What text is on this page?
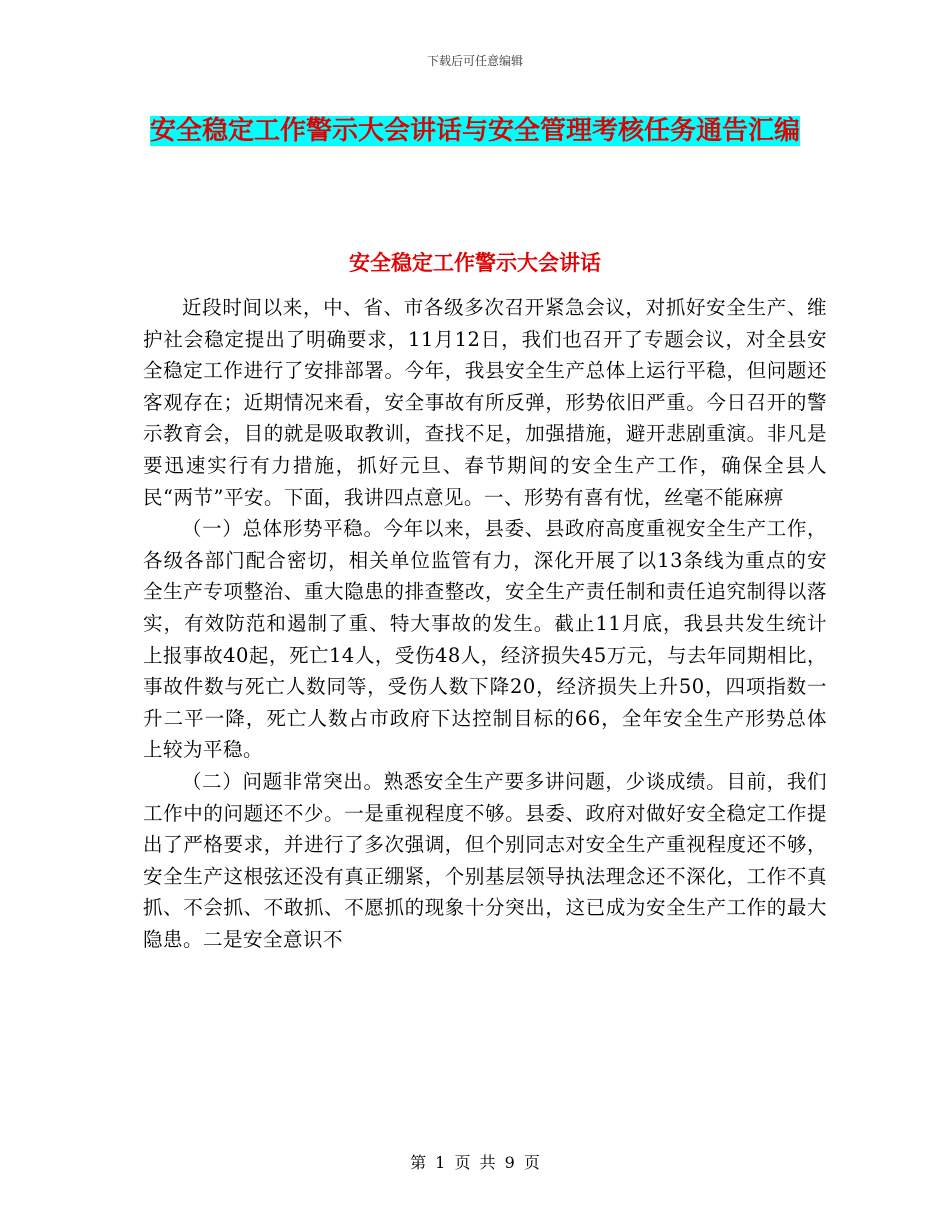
下载后可任意编辑
安全稳定工作警示大会讲话与安全管理考核任务通告汇编
安全稳定工作警示大会讲话

近段时间以来，中、省、市各级多次召开紧急会议，对抓好安全生产、维护社会稳定提出了明确要求，11月12日，我们也召开了专题会议，对全县安全稳定工作进行了安排部署。今年，我县安全生产总体上运行平稳，但问题还客观存在；近期情况来看，安全事故有所反弹，形势依旧严重。今日召开的警示教育会，目的就是吸取教训，查找不足，加强措施，避开悲剧重演。非凡是要迅速实行有力措施，抓好元旦、春节期间的安全生产工作，确保全县人民“两节”平安。下面，我讲四点意见。一、形势有喜有忧，丝毫不能麻痹

（一）总体形势平稳。今年以来，县委、县政府高度重视安全生产工作，各级各部门配合密切，相关单位监管有力，深化开展了以13条线为重点的安全生产专项整治、重大隐患的排查整改，安全生产责任制和责任追究制得以落实，有效防范和遏制了重、特大事故的发生。截止11月底，我县共发生统计上报事故40起，死亡14人，受伤48人，经济损失45万元，与去年同期相比，事故件数与死亡人数同等，受伤人数下降20，经济损失上升50，四项指数一升二平一降，死亡人数占市政府下达控制目标的66，全年安全生产形势总体上较为平稳。

（二）问题非常突出。熟悉安全生产要多讲问题，少谈成绩。目前，我们工作中的问题还不少。一是重视程度不够。县委、政府对做好安全稳定工作提出了严格要求，并进行了多次强调，但个别同志对安全生产重视程度还不够，安全生产这根弦还没有真正绷紧，个别基层领导执法理念还不深化，工作不真抓、不会抓、不敢抓、不愿抓的现象十分突出，这已成为安全生产工作的最大隐患。二是安全意识不

第 1 页 共 9 页
